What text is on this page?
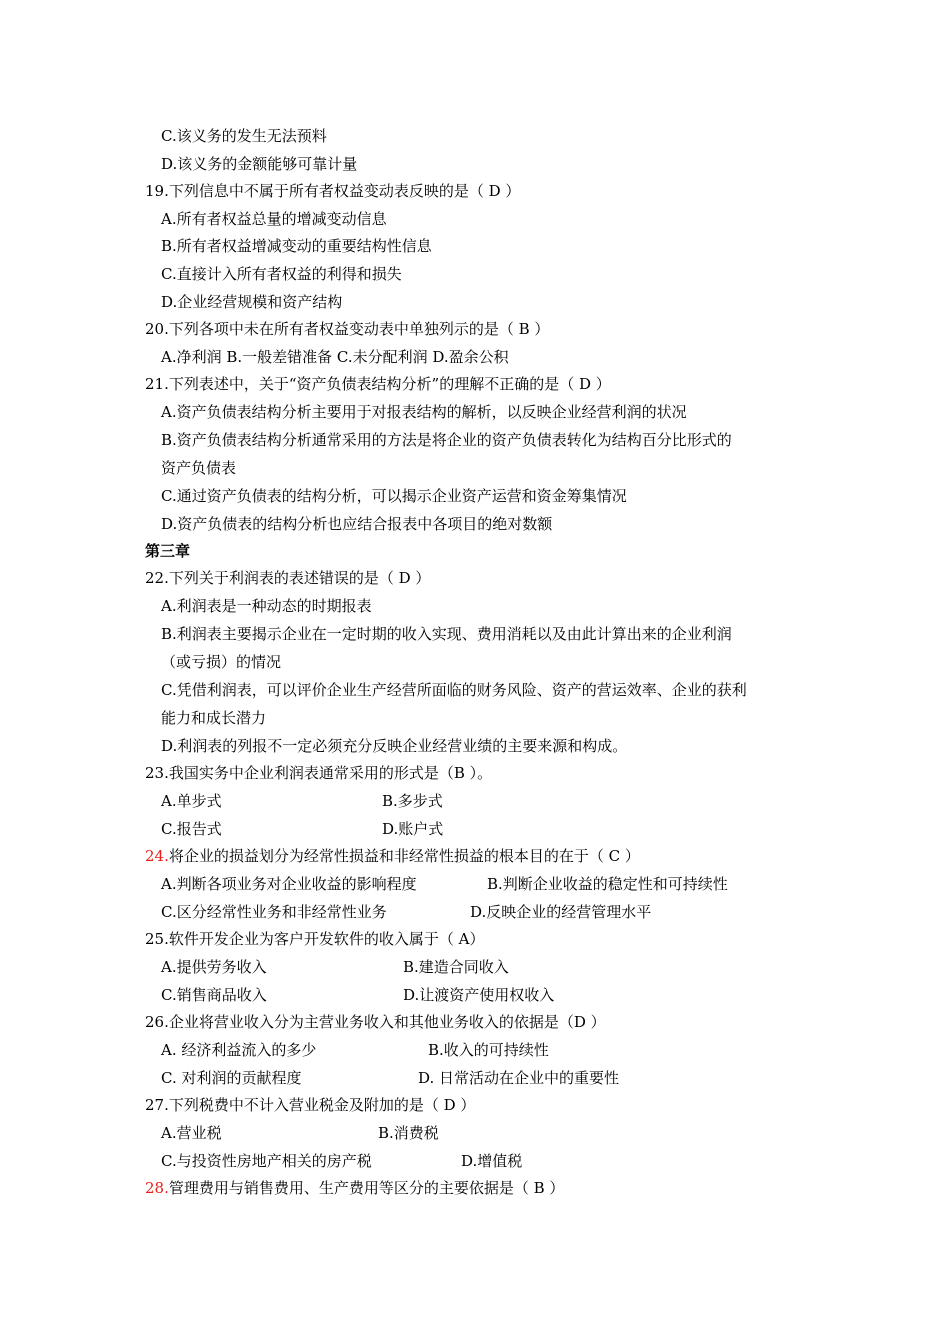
C.该义务的发生无法预料
D.该义务的金额能够可靠计量
19.下列信息中不属于所有者权益变动表反映的是（ D ）
A.所有者权益总量的增减变动信息
B.所有者权益增减变动的重要结构性信息
C.直接计入所有者权益的利得和损失
D.企业经营规模和资产结构
20.下列各项中未在所有者权益变动表中单独列示的是（ B ）
A.净利润 B.一般差错准备 C.未分配利润 D.盈余公积
21.下列表述中，关于“资产负债表结构分析”的理解不正确的是（ D ）
A.资产负债表结构分析主要用于对报表结构的解析，以反映企业经营利润的状况
B.资产负债表结构分析通常采用的方法是将企业的资产负债表转化为结构百分比形式的
资产负债表
C.通过资产负债表的结构分析，可以揭示企业资产运营和资金筹集情况
D.资产负债表的结构分析也应结合报表中各项目的绝对数额
第三章
22.下列关于利润表的表述错误的是（ D ）
A.利润表是一种动态的时期报表
B.利润表主要揭示企业在一定时期的收入实现、费用消耗以及由此计算出来的企业利润
（或亏损）的情况
C.凭借利润表，可以评价企业生产经营所面临的财务风险、资产的营运效率、企业的获利
能力和成长潜力
D.利润表的列报不一定必须充分反映企业经营业绩的主要来源和构成。
23.我国实务中企业利润表通常采用的形式是（B ）。
A.单步式	B.多步式
C.报告式	D.账户式
24.将企业的损益划分为经常性损益和非经常性损益的根本目的在于（ C ）
A.判断各项业务对企业收益的影响程度	B.判断企业收益的稳定性和可持续性
C.区分经常性业务和非经常性业务	D.反映企业的经营管理水平
25.软件开发企业为客户开发软件的收入属于（ A）
A.提供劳务收入	B.建造合同收入
C.销售商品收入	D.让渡资产使用权收入
26.企业将营业收入分为主营业务收入和其他业务收入的依据是（D ）
A. 经济利益流入的多少	B.收入的可持续性
C. 对利润的贡献程度	D. 日常活动在企业中的重要性
27.下列税费中不计入营业税金及附加的是（ D ）
A.营业税	B.消费税
C.与投资性房地产相关的房产税	D.增值税
28.管理费用与销售费用、生产费用等区分的主要依据是（ B ）
